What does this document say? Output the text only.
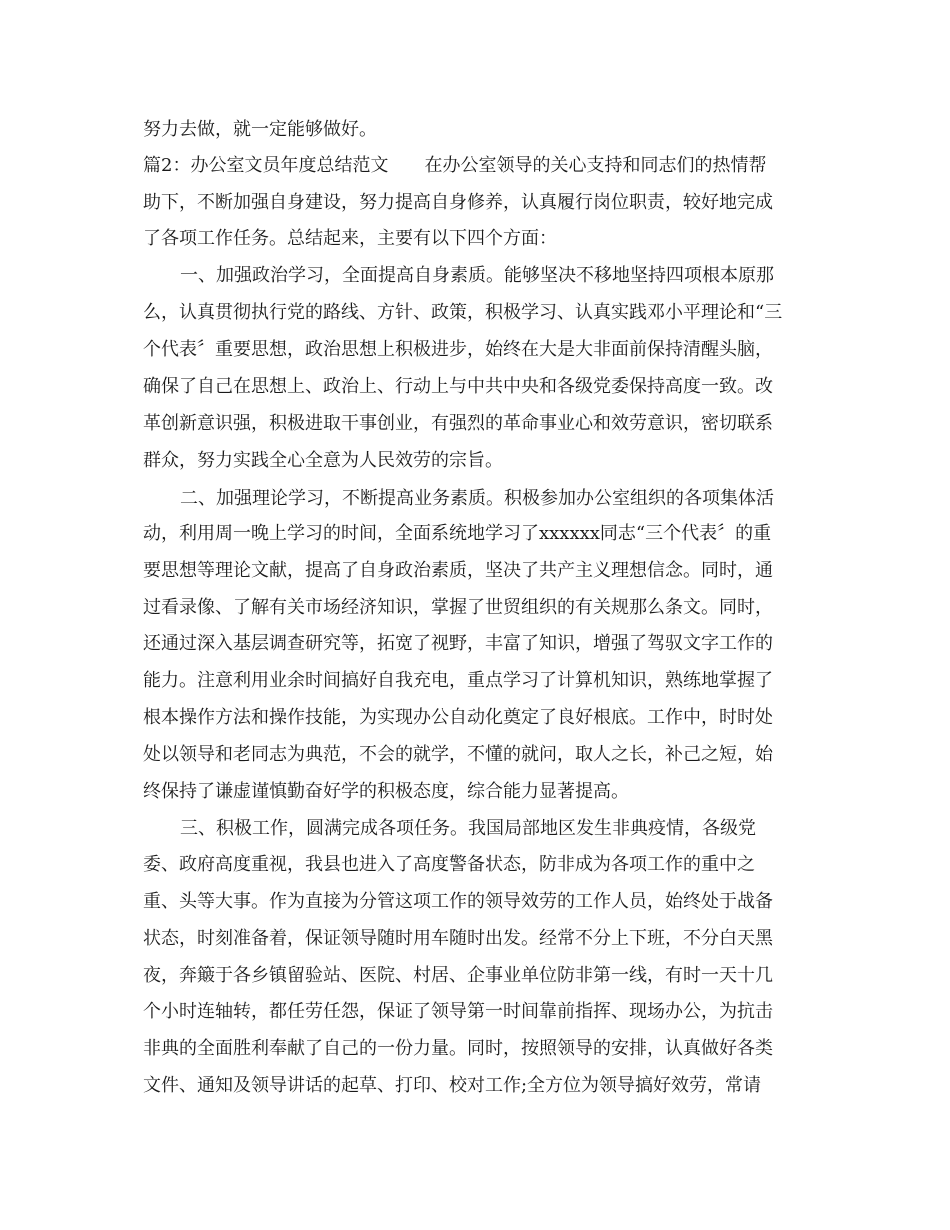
努力去做，就一定能够做好。

篇2：办公室文员年度总结范文　　在办公室领导的关心支持和同志们的热情帮

助下，不断加强自身建设，努力提高自身修养，认真履行岗位职责，较好地完成

了各项工作任务。总结起来，主要有以下四个方面：

一、加强政治学习，全面提高自身素质。能够坚决不移地坚持四项根本原那

么，认真贯彻执行党的路线、方针、政策，积极学习、认真实践邓小平理论和“三

个代表〞重要思想，政治思想上积极进步，始终在大是大非面前保持清醒头脑，

确保了自己在思想上、政治上、行动上与中共中央和各级党委保持高度一致。改

革创新意识强，积极进取干事创业，有强烈的革命事业心和效劳意识，密切联系

群众，努力实践全心全意为人民效劳的宗旨。

二、加强理论学习，不断提高业务素质。积极参加办公室组织的各项集体活

动，利用周一晚上学习的时间，全面系统地学习了xxxxxx同志“三个代表〞的重

要思想等理论文献，提高了自身政治素质，坚决了共产主义理想信念。同时，通

过看录像、了解有关市场经济知识，掌握了世贸组织的有关规那么条文。同时，

还通过深入基层调查研究等，拓宽了视野，丰富了知识，增强了驾驭文字工作的

能力。注意利用业余时间搞好自我充电，重点学习了计算机知识，熟练地掌握了

根本操作方法和操作技能，为实现办公自动化奠定了良好根底。工作中，时时处

处以领导和老同志为典范，不会的就学，不懂的就问，取人之长，补己之短，始

终保持了谦虚谨慎勤奋好学的积极态度，综合能力显著提高。

三、积极工作，圆满完成各项任务。我国局部地区发生非典疫情，各级党

委、政府高度重视，我县也进入了高度警备状态，防非成为各项工作的重中之

重、头等大事。作为直接为分管这项工作的领导效劳的工作人员，始终处于战备

状态，时刻准备着，保证领导随时用车随时出发。经常不分上下班，不分白天黑

夜，奔簸于各乡镇留验站、医院、村居、企事业单位防非第一线，有时一天十几

个小时连轴转，都任劳任怨，保证了领导第一时间靠前指挥、现场办公，为抗击

非典的全面胜利奉献了自己的一份力量。同时，按照领导的安排，认真做好各类

文件、通知及领导讲话的起草、打印、校对工作;全方位为领导搞好效劳，常请
